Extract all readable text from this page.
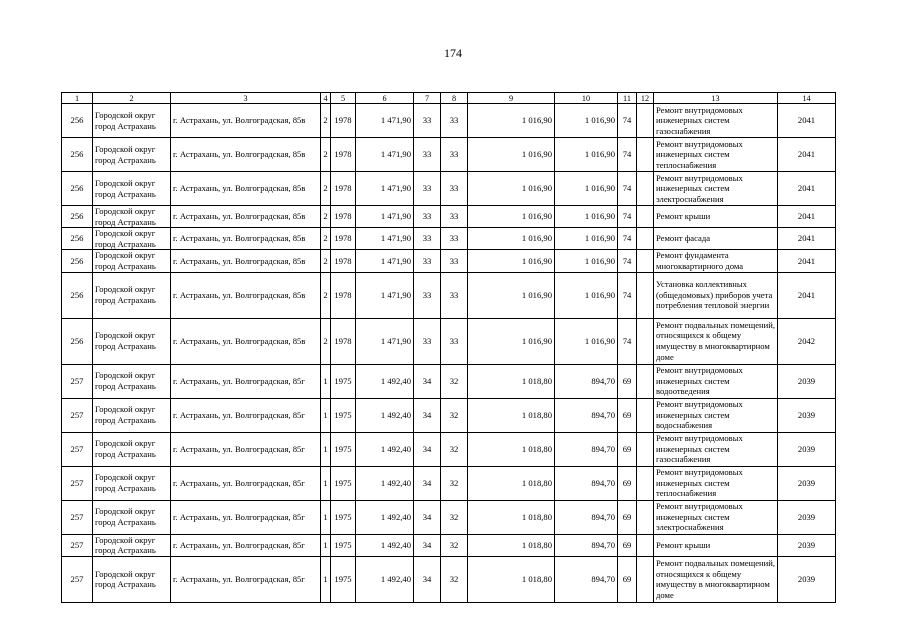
174
1	2	3	4	5	6	7	8	9	10	11	12	13	14
256	Городской округ город Астрахань	г. Астрахань, ул. Волгоградская, 85в	2	1978	1 471,90	33	33	1 016,90	1 016,90	74		Ремонт внутридомовых инженерных систем газоснабжения	2041
256	Городской округ город Астрахань	г. Астрахань, ул. Волгоградская, 85в	2	1978	1 471,90	33	33	1 016,90	1 016,90	74		Ремонт внутридомовых инженерных систем теплоснабжения	2041
256	Городской округ город Астрахань	г. Астрахань, ул. Волгоградская, 85в	2	1978	1 471,90	33	33	1 016,90	1 016,90	74		Ремонт внутридомовых инженерных систем электроснабжения	2041
256	Городской округ город Астрахань	г. Астрахань, ул. Волгоградская, 85в	2	1978	1 471,90	33	33	1 016,90	1 016,90	74		Ремонт крыши	2041
256	Городской округ город Астрахань	г. Астрахань, ул. Волгоградская, 85в	2	1978	1 471,90	33	33	1 016,90	1 016,90	74		Ремонт фасада	2041
256	Городской округ город Астрахань	г. Астрахань, ул. Волгоградская, 85в	2	1978	1 471,90	33	33	1 016,90	1 016,90	74		Ремонт фундамента многоквартирного дома	2041
256	Городской округ город Астрахань	г. Астрахань, ул. Волгоградская, 85в	2	1978	1 471,90	33	33	1 016,90	1 016,90	74		Установка коллективных (общедомовых) приборов учета потребления тепловой энергии	2041
256	Городской округ город Астрахань	г. Астрахань, ул. Волгоградская, 85в	2	1978	1 471,90	33	33	1 016,90	1 016,90	74		Ремонт подвальных помещений, относящихся к общему имуществу в многоквартирном доме	2042
257	Городской округ город Астрахань	г. Астрахань, ул. Волгоградская, 85г	1	1975	1 492,40	34	32	1 018,80	894,70	69		Ремонт внутридомовых инженерных систем водоотведения	2039
257	Городской округ город Астрахань	г. Астрахань, ул. Волгоградская, 85г	1	1975	1 492,40	34	32	1 018,80	894,70	69		Ремонт внутридомовых инженерных систем водоснабжения	2039
257	Городской округ город Астрахань	г. Астрахань, ул. Волгоградская, 85г	1	1975	1 492,40	34	32	1 018,80	894,70	69		Ремонт внутридомовых инженерных систем газоснабжения	2039
257	Городской округ город Астрахань	г. Астрахань, ул. Волгоградская, 85г	1	1975	1 492,40	34	32	1 018,80	894,70	69		Ремонт внутридомовых инженерных систем теплоснабжения	2039
257	Городской округ город Астрахань	г. Астрахань, ул. Волгоградская, 85г	1	1975	1 492,40	34	32	1 018,80	894,70	69		Ремонт внутридомовых инженерных систем электроснабжения	2039
257	Городской округ город Астрахань	г. Астрахань, ул. Волгоградская, 85г	1	1975	1 492,40	34	32	1 018,80	894,70	69		Ремонт крыши	2039
257	Городской округ город Астрахань	г. Астрахань, ул. Волгоградская, 85г	1	1975	1 492,40	34	32	1 018,80	894,70	69		Ремонт подвальных помещений, относящихся к общему имуществу в многоквартирном доме	2039
